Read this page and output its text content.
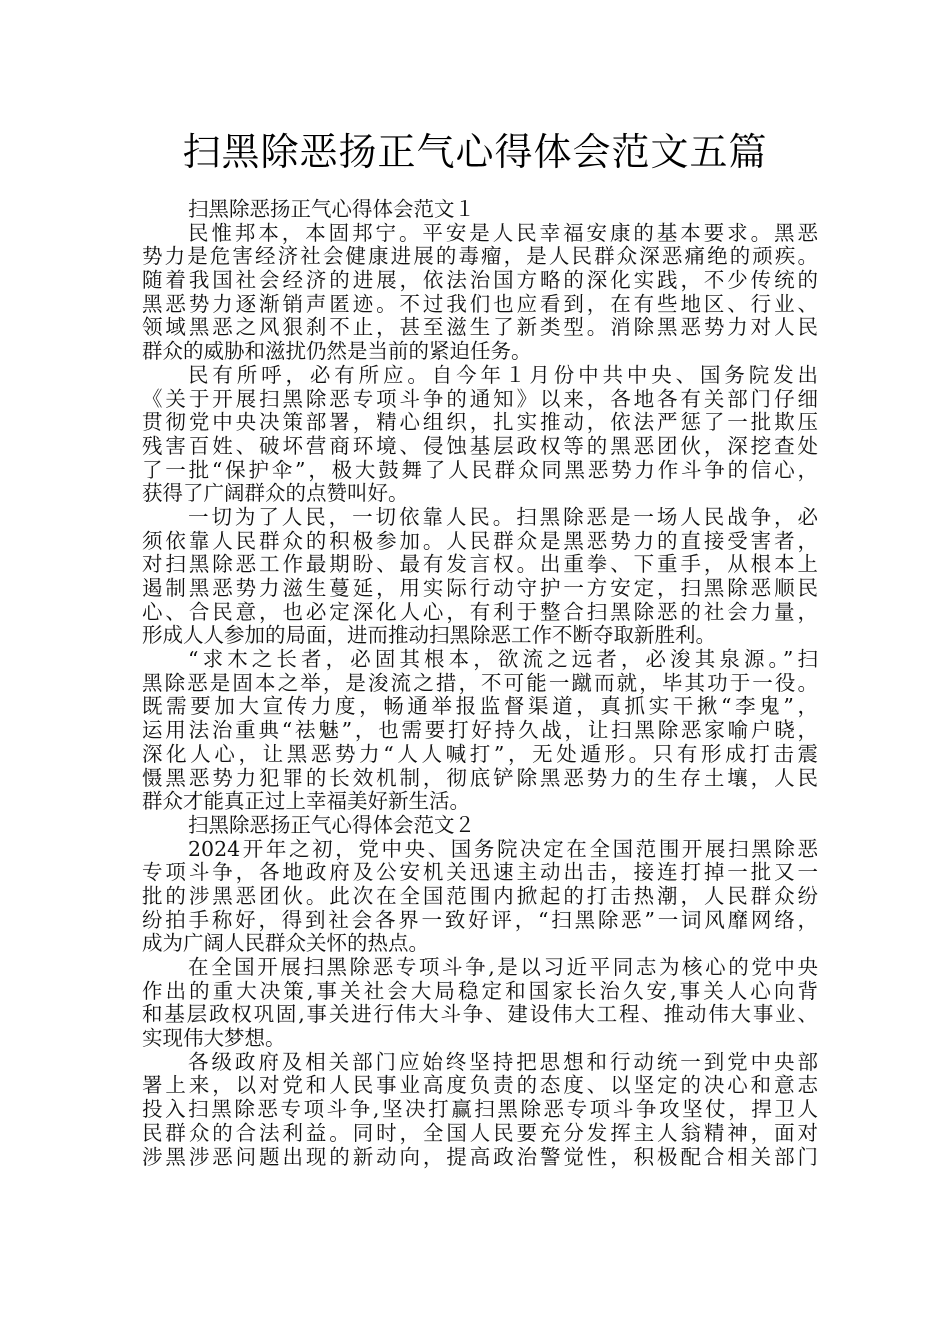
扫黑除恶扬正气心得体会范文五篇
扫黑除恶扬正气心得体会范文１
民惟邦本，本固邦宁。平安是人民幸福安康的基本要求。黑恶
势力是危害经济社会健康进展的毒瘤，是人民群众深恶痛绝的顽疾。
随着我国社会经济的进展，依法治国方略的深化实践，不少传统的
黑恶势力逐渐销声匿迹。不过我们也应看到，在有些地区、行业、
领域黑恶之风狠刹不止，甚至滋生了新类型。消除黑恶势力对人民
群众的威胁和滋扰仍然是当前的紧迫任务。
民有所呼，必有所应。自今年１月份中共中央、国务院发出
《关于开展扫黑除恶专项斗争的通知》以来，各地各有关部门仔细
贯彻党中央决策部署，精心组织，扎实推动，依法严惩了一批欺压
残害百姓、破坏营商环境、侵蚀基层政权等的黑恶团伙，深挖查处
了一批“保护伞”，极大鼓舞了人民群众同黑恶势力作斗争的信心，
获得了广阔群众的点赞叫好。
一切为了人民，一切依靠人民。扫黑除恶是一场人民战争，必
须依靠人民群众的积极参加。人民群众是黑恶势力的直接受害者，
对扫黑除恶工作最期盼、最有发言权。出重拳、下重手，从根本上
遏制黑恶势力滋生蔓延，用实际行动守护一方安定，扫黑除恶顺民
心、合民意，也必定深化人心，有利于整合扫黑除恶的社会力量，
形成人人参加的局面，进而推动扫黑除恶工作不断夺取新胜利。
“求木之长者，必固其根本，欲流之远者，必浚其泉源。”扫
黑除恶是固本之举，是浚流之措，不可能一蹴而就，毕其功于一役。
既需要加大宣传力度，畅通举报监督渠道，真抓实干揪“李鬼”，
运用法治重典“祛魅”，也需要打好持久战，让扫黑除恶家喻户晓，
深化人心，让黑恶势力“人人喊打”，无处遁形。只有形成打击震
慑黑恶势力犯罪的长效机制，彻底铲除黑恶势力的生存土壤，人民
群众才能真正过上幸福美好新生活。
扫黑除恶扬正气心得体会范文２
2024开年之初，党中央、国务院决定在全国范围开展扫黑除恶
专项斗争，各地政府及公安机关迅速主动出击，接连打掉一批又一
批的涉黑恶团伙。此次在全国范围内掀起的打击热潮，人民群众纷
纷拍手称好，得到社会各界一致好评，“扫黑除恶”一词风靡网络，
成为广阔人民群众关怀的热点。
在全国开展扫黑除恶专项斗争,是以习近平同志为核心的党中央
作出的重大决策,事关社会大局稳定和国家长治久安,事关人心向背
和基层政权巩固,事关进行伟大斗争、建设伟大工程、推动伟大事业、
实现伟大梦想。
各级政府及相关部门应始终坚持把思想和行动统一到党中央部
署上来，以对党和人民事业高度负责的态度、以坚定的决心和意志
投入扫黑除恶专项斗争,坚决打赢扫黑除恶专项斗争攻坚仗，捍卫人
民群众的合法利益。同时，全国人民要充分发挥主人翁精神，面对
涉黑涉恶问题出现的新动向，提高政治警觉性，积极配合相关部门
